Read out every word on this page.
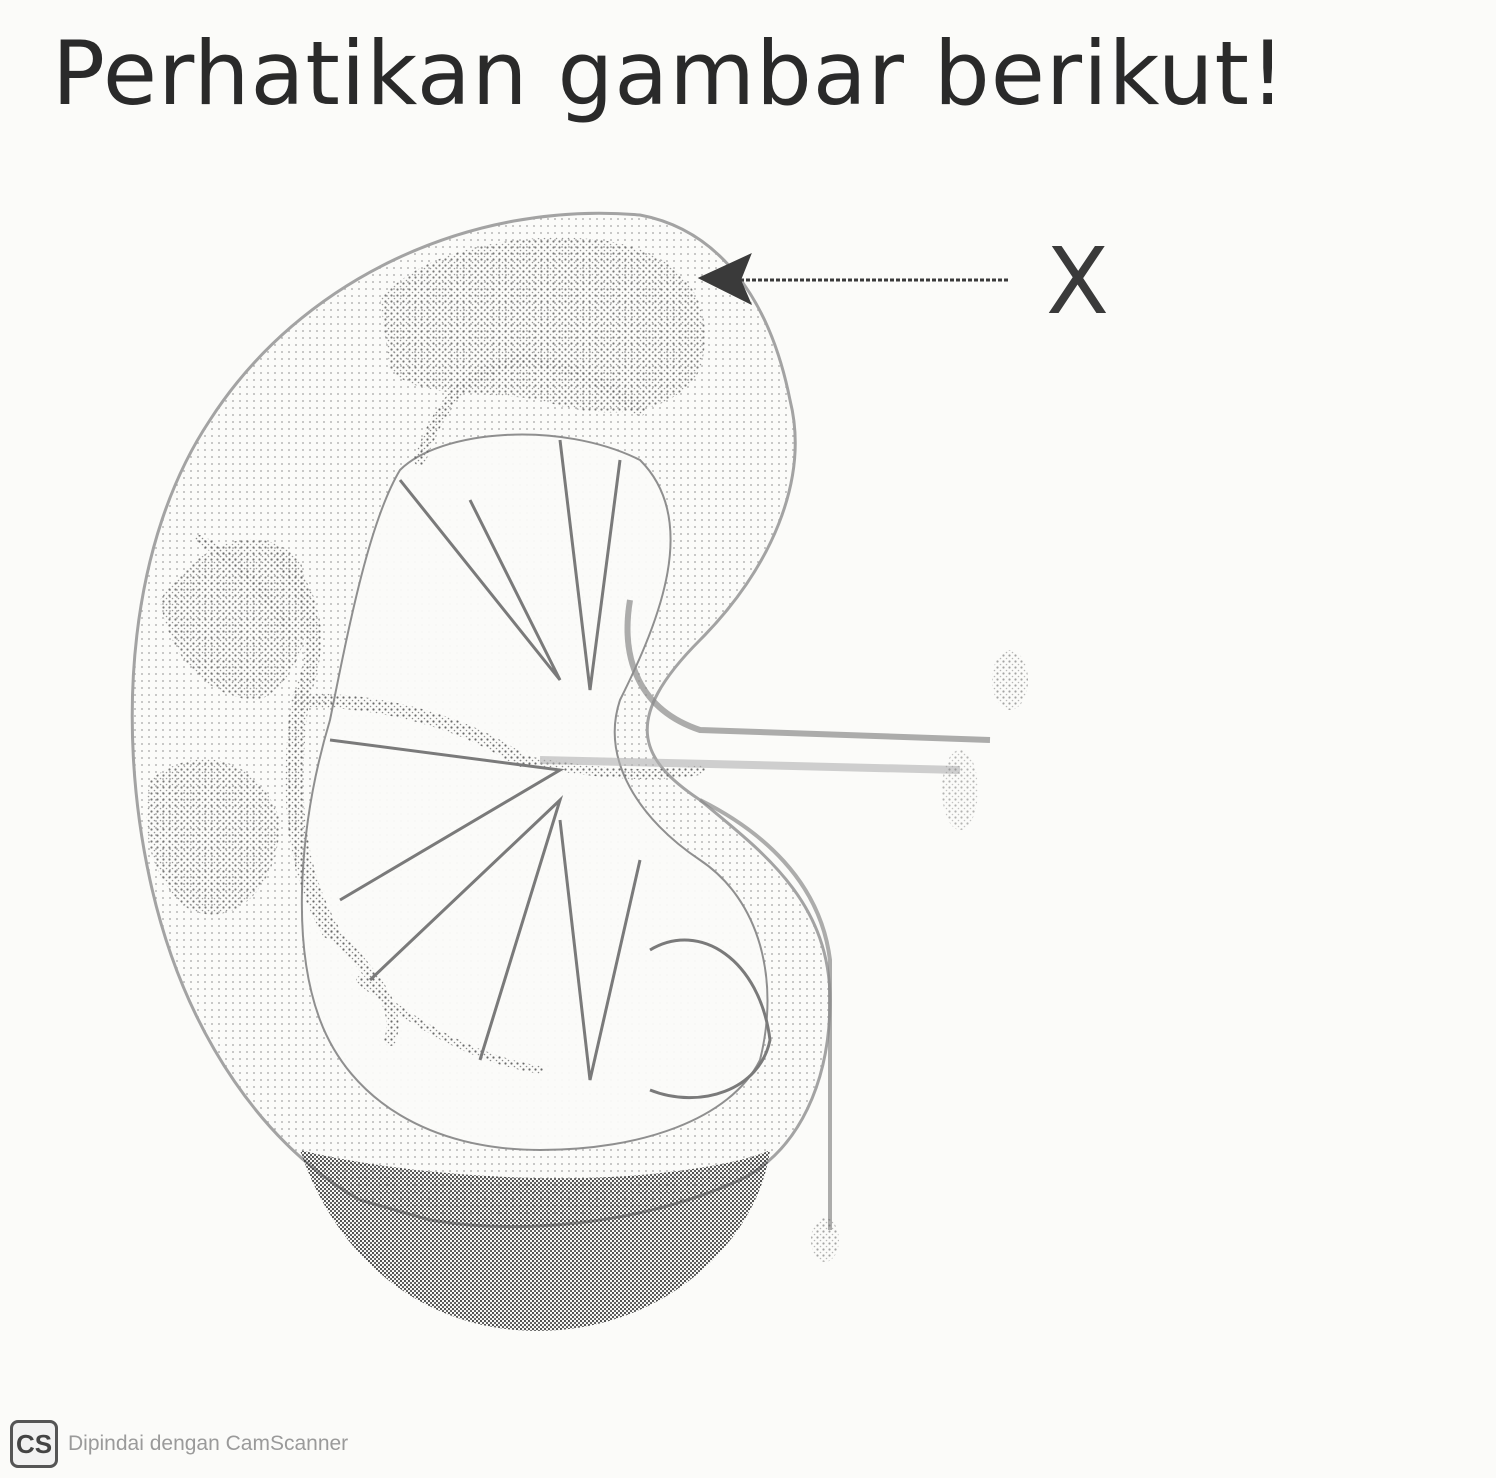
Perhatikan gambar berikut!
X
CS Dipindai dengan CamScanner
